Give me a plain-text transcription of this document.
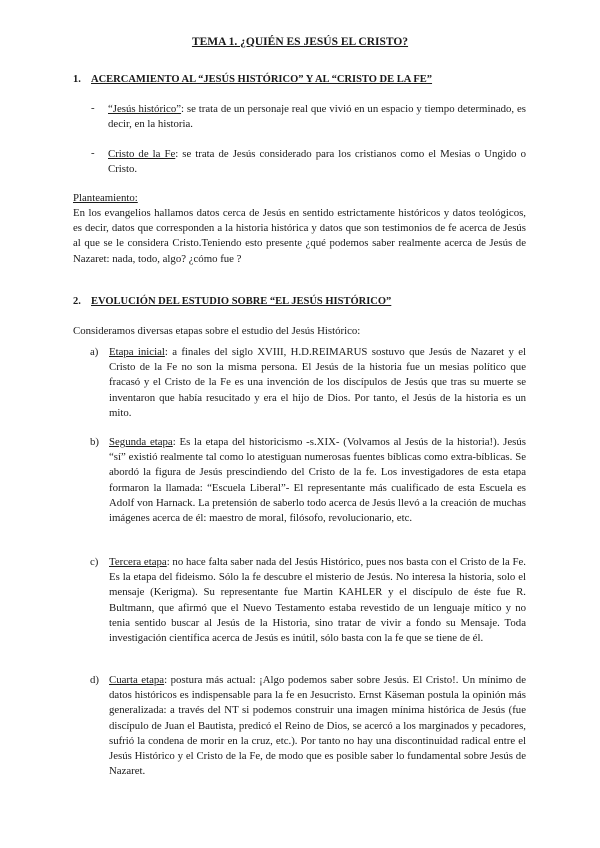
TEMA 1. ¿QUIÉN ES JESÚS EL CRISTO?
1. ACERCAMIENTO AL “JESÚS HISTÓRICO” Y AL “CRISTO DE LA FE”
- “Jesús histórico”: se trata de un personaje real que vivió en un espacio y tiempo determinado, es decir, en la historia.
- Cristo de la Fe: se trata de Jesús considerado para los cristianos como el Mesias o Ungido o Cristo.
Planteamiento:
En los evangelios hallamos datos cerca de Jesús en sentido estrictamente históricos y datos teológicos, es decir, datos que corresponden a la historia histórica y datos que son testimonios de fe acerca de Jesús al que se le considera Cristo.Teniendo esto presente ¿qué podemos saber realmente acerca de Jesús de Nazaret: nada, todo, algo? ¿cómo fue ?
2. EVOLUCIÓN DEL ESTUDIO SOBRE “EL JESÚS HISTÓRICO”
Consideramos diversas etapas sobre el estudio del Jesús Histórico:
a) Etapa inicial: a finales del siglo XVIII, H.D.REIMARUS sostuvo que Jesús de Nazaret y el Cristo de la Fe no son la misma persona. El Jesús de la historia fue un mesias político que fracasó y el Cristo de la Fe es una invención de los discípulos de Jesús que tras su muerte se inventaron que había resucitado y era el hijo de Dios. Por tanto, el Jesús de la historia es un mito.
b) Segunda etapa: Es la etapa del historicismo -s.XIX- (Volvamos al Jesús de la historia!). Jesús “sí” existió realmente tal como lo atestiguan numerosas fuentes bíblicas como extra-bíblicas. Se abordó la figura de Jesús prescindiendo del Cristo de la fe. Los investigadores de esta etapa formaron la llamada: “Escuela Liberal”- El representante más cualificado de esta Escuela es Adolf von Harnack. La pretensión de saberlo todo acerca de Jesús llevó a la creación de muchas imágenes acerca de él: maestro de moral, filósofo, revolucionario, etc.
c) Tercera etapa: no hace falta saber nada del Jesús Histórico, pues nos basta con el Cristo de la Fe. Es la etapa del fideismo. Sólo la fe descubre el misterio de Jesús. No interesa la historia, solo el mensaje (Kerigma). Su representante fue Martin KAHLER y el discípulo de éste fue R. Bultmann, que afirmó que el Nuevo Testamento estaba revestido de un lenguaje mítico y no tenia sentido buscar al Jesús de la Historia, sino tratar de vivir a fondo su Mensaje. Toda investigación científica acerca de Jesús es inútil, sólo basta con la fe que se tiene de él.
d) Cuarta etapa: postura más actual: ¡Algo podemos saber sobre Jesús. El Cristo!. Un mínimo de datos históricos es indispensable para la fe en Jesucristo. Ernst Käseman postula la opinión más generalizada: a través del NT si podemos construir una imagen mínima histórica de Jesús (fue discípulo de Juan el Bautista, predicó el Reino de Dios, se acercó a los marginados y pecadores, sufrió la condena de morir en la cruz, etc.). Por tanto no hay una discontinuidad radical entre el Jesús Histórico y el Cristo de la Fe, de modo que es posible saber lo fundamental sobre Jesús de Nazaret.
